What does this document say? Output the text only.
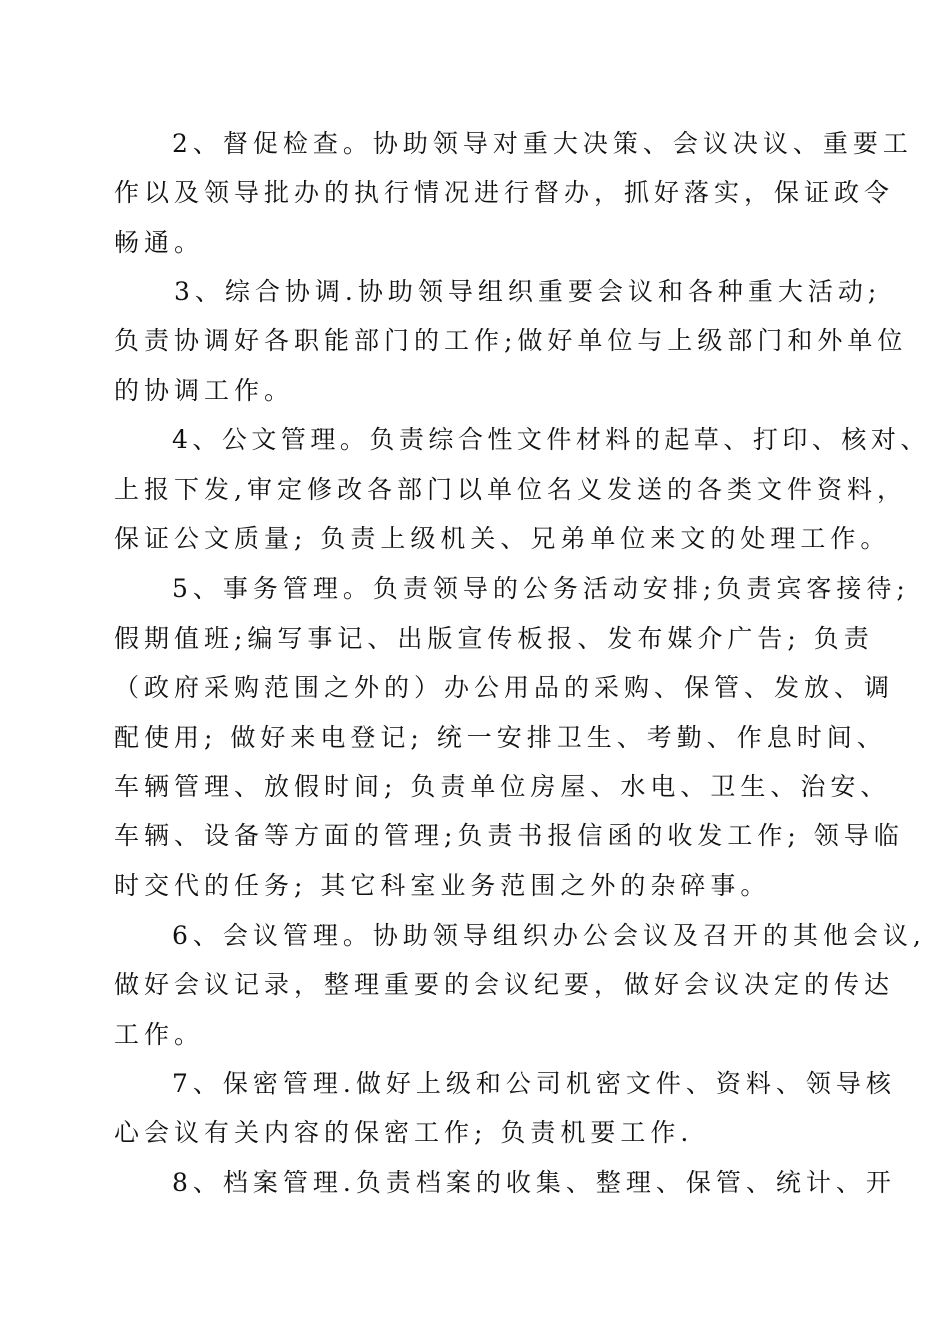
2、督促检查。协助领导对重大决策、会议决议、重要工

作以及领导批办的执行情况进行督办，抓好落实，保证政令

畅通。

3、综合协调.协助领导组织重要会议和各种重大活动;

负责协调好各职能部门的工作;做好单位与上级部门和外单位

的协调工作。

4、公文管理。负责综合性文件材料的起草、打印、核对、

上报下发,审定修改各部门以单位名义发送的各类文件资料，

保证公文质量; 负责上级机关、兄弟单位来文的处理工作。

5、事务管理。负责领导的公务活动安排;负责宾客接待;

假期值班;编写事记、出版宣传板报、发布媒介广告; 负责

（政府采购范围之外的）办公用品的采购、保管、发放、调

配使用; 做好来电登记; 统一安排卫生、考勤、作息时间、

车辆管理、放假时间; 负责单位房屋、水电、卫生、治安、

车辆、设备等方面的管理;负责书报信函的收发工作; 领导临

时交代的任务; 其它科室业务范围之外的杂碎事。

6、会议管理。协助领导组织办公会议及召开的其他会议,

做好会议记录，整理重要的会议纪要，做好会议决定的传达

工作。

7、保密管理.做好上级和公司机密文件、资料、领导核

心会议有关内容的保密工作; 负责机要工作.

8、档案管理.负责档案的收集、整理、保管、统计、开
